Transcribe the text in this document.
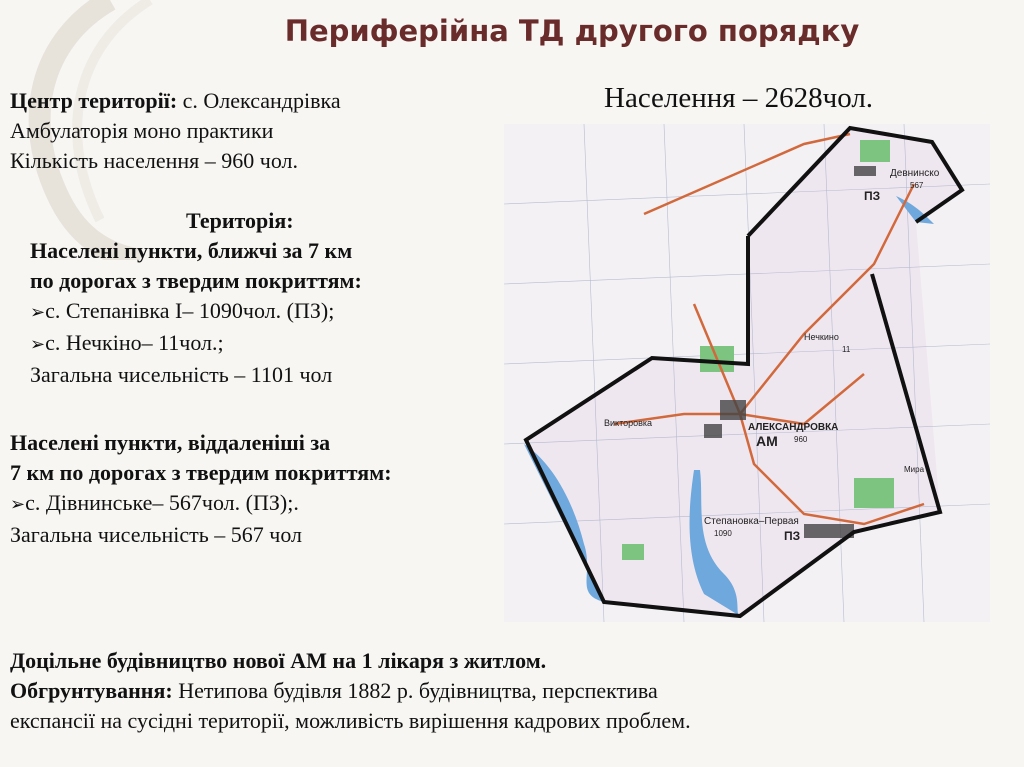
Периферійна ТД другого порядку
Населення – 2628чол.
Центр території: с. Олександрівка
Амбулаторія моно практики
Кількість населення – 960 чол.
Територія:
Населені пункти, ближчі за 7 км
по дорогах з твердим покриттям:
➢с. Степанівка І– 1090чол. (ПЗ);
➢с. Нечкіно– 11чол.;
Загальна чисельність – 1101 чол
Населені пункти, віддаленіші за
7 км по дорогах з твердим покриттям:
➢с. Дівнинське– 567чол. (ПЗ);.
Загальна чисельність – 567 чол
Доцільне будівництво нової АМ на 1 лікаря з житлом.
Обгрунтування: Нетипова будівля 1882 р. будівництва, перспектива
експансії на сусідні території, можливість вирішення кадрових проблем.
Девнинско
567
ПЗ
Нечкино
11
Викторовка	АЛЕКСАНДРОВКА
АМ 960
Степановка–Первая
1090	ПЗ
Мира
